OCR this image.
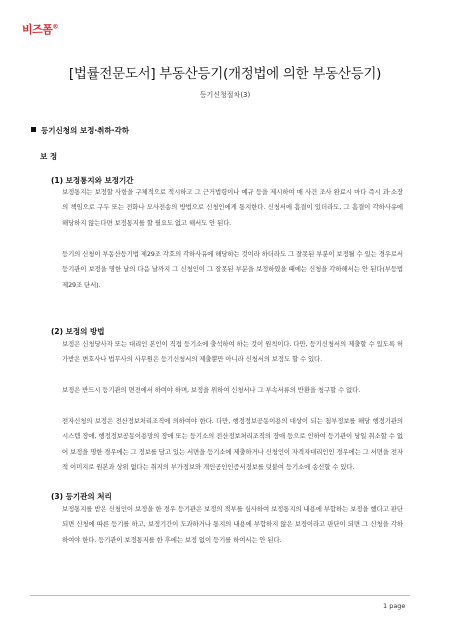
비즈폼®
[법률전문도서] 부동산등기(개정법에 의한 부동산등기)
등기신청절차(3)
등기신청의 보정·취하·각하
보 정
(1) 보정통지와 보정기간
보정통지는 보정할 사항을 구체적으로 적시하고 그 근거법령이나 예규 등을 제시하여 매 사건 조사 완료시 마다 즉시 과·소장의 책임으로 구두 또는 전화나 모사전송의 방법으로 신청인에게 통지한다. 신청서에 흠결이 있더라도, 그 흠결이 각하사유에 해당하지 않는다면 보정통지를 할 필요도 없고 해서도 안 된다.
등기의 신청이 부동산등기법 제29조 각호의 각하사유에 해당하는 것이라 하더라도 그 잘못된 부분이 보정될 수 있는 경우로서 등기관이 보정을 명한 날의 다음 날까지 그 신청인이 그 잘못된 부분을 보정하였을 때에는 신청을 각하해서는 안 된다(부등법 제29조 단서).
(2) 보정의 방법
보정은 신청당사자 또는 대리인 본인이 직접 등기소에 출석하여 하는 것이 원칙이다. 다만, 등기신청서의 제출할 수 있도록 허가받은 변호사나 법무사의 사무원은 등기신청서의 제출뿐만 아니라 신청서의 보정도 할 수 있다.
보정은 반드시 등기관의 면전에서 하여야 하며, 보정을 위하여 신청서나 그 부속서류의 반환을 청구할 수 없다.
전자신청의 보정은 전산정보처리조직에 의하여야 한다. 다만, 행정정보공동이용의 대상이 되는 첨부정보를 해당 행정기관의 시스템 장애, 행정정보공동이용망의 장애 또는 등기소의 전산정보처리조직의 장애 등으로 인하여 등기관이 당일 취소할 수 없어 보정을 명한 경우에는 그 정보를 담고 있는 서면을 등기소에 제출하거나 신청인이 자격자대리인인 경우에는 그 서면을 전자적 이미지로 원본과 상위 없다는 취지의 부가정보와 개인공인인증서정보를 덧붙여 등기소에 송신할 수 있다.
(3) 등기관의 처리
보정통지를 받은 신청인이 보정을 한 경우 등기관은 보정의 적부를 심사하여 보정통지의 내용에 부합하는 보정을 했다고 판단되면 신청에 따른 등기를 하고, 보정기간이 도과하거나 통지의 내용에 부합하지 않은 보정이라고 판단이 되면 그 신청을 각하하여야 한다. 등기관이 보정통지를 한 후에는 보정 없이 등기를 하여서는 안 된다.
1 page
